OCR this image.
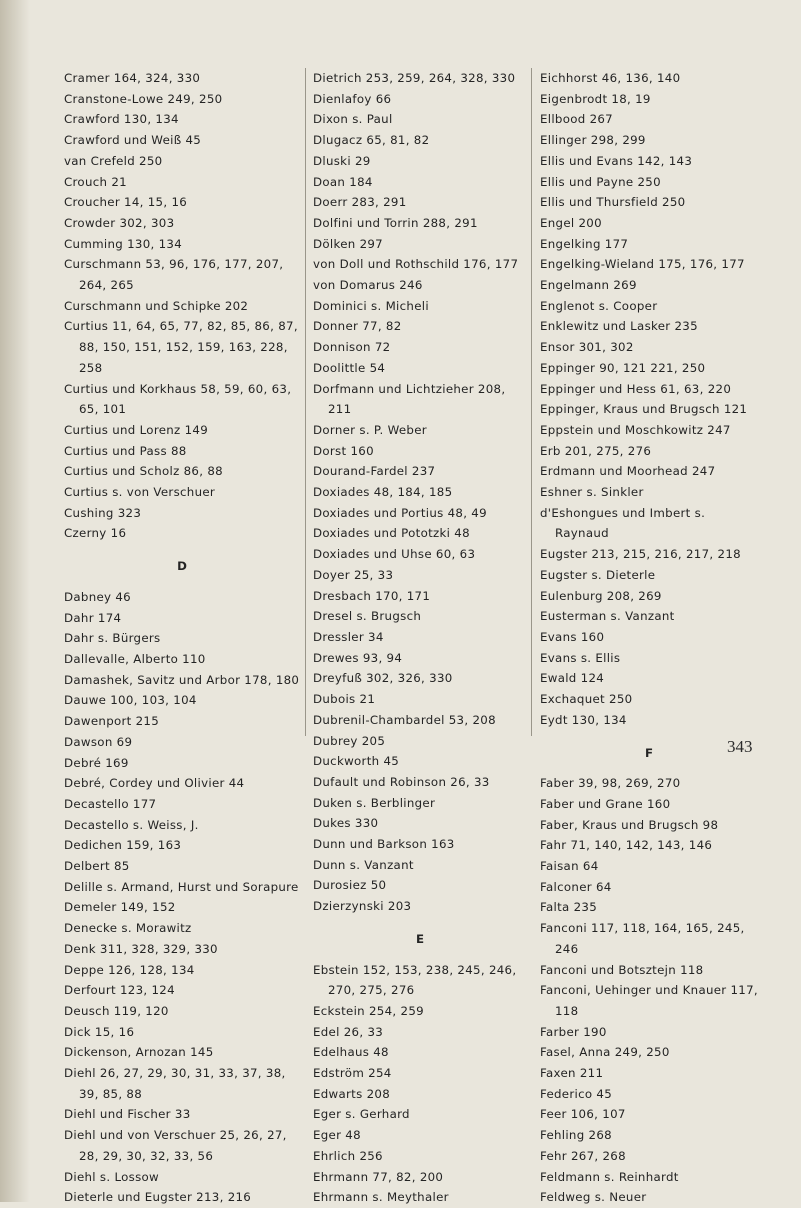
Cramer 164, 324, 330
Cranstone-Lowe 249, 250
Crawford 130, 134
Crawford und Weiß 45
van Crefeld 250
Crouch 21
Croucher 14, 15, 16
Crowder 302, 303
Cumming 130, 134
Curschmann 53, 96, 176, 177, 207, 264, 265
Curschmann und Schipke 202
Curtius 11, 64, 65, 77, 82, 85, 86, 87, 88, 150, 151, 152, 159, 163, 228, 258
Curtius und Korkhaus 58, 59, 60, 63, 65, 101
Curtius und Lorenz 149
Curtius und Pass 88
Curtius und Scholz 86, 88
Curtius s. von Verschuer
Cushing 323
Czerny 16
D
Dabney 46
Dahr 174
Dahr s. Bürgers
Dallevalle, Alberto 110
Damashek, Savitz und Arbor 178, 180
Dauwe 100, 103, 104
Dawenport 215
Dawson 69
Debré 169
Debré, Cordey und Olivier 44
Decastello 177
Decastello s. Weiss, J.
Dedichen 159, 163
Delbert 85
Delille s. Armand, Hurst und Sorapure
Demeler 149, 152
Denecke s. Morawitz
Denk 311, 328, 329, 330
Deppe 126, 128, 134
Derfourt 123, 124
Deusch 119, 120
Dick 15, 16
Dickenson, Arnozan 145
Diehl 26, 27, 29, 30, 31, 33, 37, 38, 39, 85, 88
Diehl und Fischer 33
Diehl und von Verschuer 25, 26, 27, 28, 29, 30, 32, 33, 56
Diehl s. Lossow
Dieterle und Eugster 213, 216
Dietrich 253, 259, 264, 328, 330
Dienlafoy 66
Dixon s. Paul
Dlugacz 65, 81, 82
Dluski 29
Doan 184
Doerr 283, 291
Dolfini und Torrin 288, 291
Dölken 297
von Doll und Rothschild 176, 177
von Domarus 246
Dominici s. Micheli
Donner 77, 82
Donnison 72
Doolittle 54
Dorfmann und Lichtzieher 208, 211
Dorner s. P. Weber
Dorst 160
Dourand-Fardel 237
Doxiades 48, 184, 185
Doxiades und Portius 48, 49
Doxiades und Pototzki 48
Doxiades und Uhse 60, 63
Doyer 25, 33
Dresbach 170, 171
Dresel s. Brugsch
Dressler 34
Drewes 93, 94
Dreyfuß 302, 326, 330
Dubois 21
Dubrenil-Chambardel 53, 208
Dubrey 205
Duckworth 45
Dufault und Robinson 26, 33
Duken s. Berblinger
Dukes 330
Dunn und Barkson 163
Dunn s. Vanzant
Durosiez 50
Dzierzynski 203
E
Ebstein 152, 153, 238, 245, 246, 270, 275, 276
Eckstein 254, 259
Edel 26, 33
Edelhaus 48
Edström 254
Edwarts 208
Eger s. Gerhard
Eger 48
Ehrlich 256
Ehrmann 77, 82, 200
Ehrmann s. Meythaler
Eichhorst 46, 136, 140
Eigenbrodt 18, 19
Ellbood 267
Ellinger 298, 299
Ellis und Evans 142, 143
Ellis und Payne 250
Ellis und Thursfield 250
Engel 200
Engelking 177
Engelking-Wieland 175, 176, 177
Engelmann 269
Englenot s. Cooper
Enklewitz und Lasker 235
Ensor 301, 302
Eppinger 90, 121 221, 250
Eppinger und Hess 61, 63, 220
Eppinger, Kraus und Brugsch 121
Eppstein und Moschkowitz 247
Erb 201, 275, 276
Erdmann und Moorhead 247
Eshner s. Sinkler
d'Eshongues und Imbert s. Raynaud
Eugster 213, 215, 216, 217, 218
Eugster s. Dieterle
Eulenburg 208, 269
Eusterman s. Vanzant
Evans 160
Evans s. Ellis
Ewald 124
Exchaquet 250
Eydt 130, 134
F
Faber 39, 98, 269, 270
Faber und Grane 160
Faber, Kraus und Brugsch 98
Fahr 71, 140, 142, 143, 146
Faisan 64
Falconer 64
Falta 235
Fanconi 117, 118, 164, 165, 245, 246
Fanconi und Botsztejn 118
Fanconi, Uehinger und Knauer 117, 118
Farber 190
Fasel, Anna 249, 250
Faxen 211
Federico 45
Feer 106, 107
Fehling 268
Fehr 267, 268
Feldmann s. Reinhardt
Feldweg s. Neuer
343
